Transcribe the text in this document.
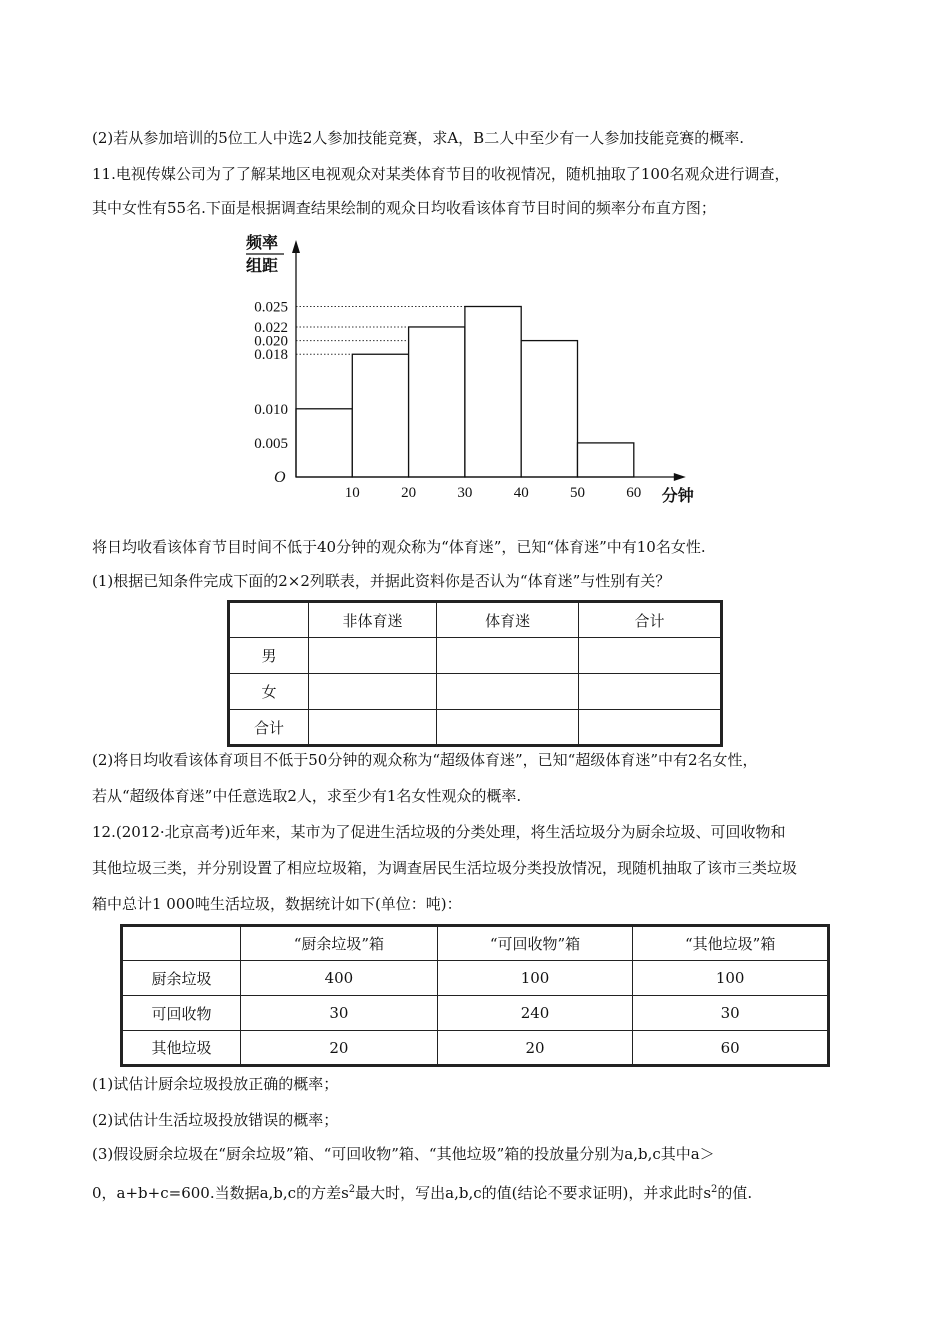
(2)若从参加培训的5位工人中选2人参加技能竞赛，求A，B二人中至少有一人参加技能竞赛的概率.
11.电视传媒公司为了了解某地区电视观众对某类体育节目的收视情况，随机抽取了100名观众进行调查，
其中女性有55名.下面是根据调查结果绘制的观众日均收看该体育节目时间的频率分布直方图；
0.025
0.022
0.020
0.018
0.010
0.005
10	20	30	40	50	60
O
分钟
频率
组距
将日均收看该体育节目时间不低于40分钟的观众称为“体育迷”，已知“体育迷”中有10名女性.
(1)根据已知条件完成下面的2×2列联表，并据此资料你是否认为“体育迷”与性别有关？
	非体育迷	体育迷	合计
男			
女			
合计			
(2)将日均收看该体育项目不低于50分钟的观众称为“超级体育迷”，已知“超级体育迷”中有2名女性，
若从“超级体育迷”中任意选取2人，求至少有1名女性观众的概率.
12.(2012·北京高考)近年来，某市为了促进生活垃圾的分类处理，将生活垃圾分为厨余垃圾、可回收物和
其他垃圾三类，并分别设置了相应垃圾箱，为调查居民生活垃圾分类投放情况，现随机抽取了该市三类垃圾
箱中总计1 000吨生活垃圾，数据统计如下(单位：吨)：
	“厨余垃圾”箱	“可回收物”箱	“其他垃圾”箱
厨余垃圾	400	100	100
可回收物	30	240	30
其他垃圾	20	20	60
(1)试估计厨余垃圾投放正确的概率；
(2)试估计生活垃圾投放错误的概率；
(3)假设厨余垃圾在“厨余垃圾”箱、“可回收物”箱、“其他垃圾”箱的投放量分别为a,b,c其中a＞
0，a+b+c=600.当数据a,b,c的方差$s^2$最大时，写出a,b,c的值(结论不要求证明)，并求此时$s^2$的值.
